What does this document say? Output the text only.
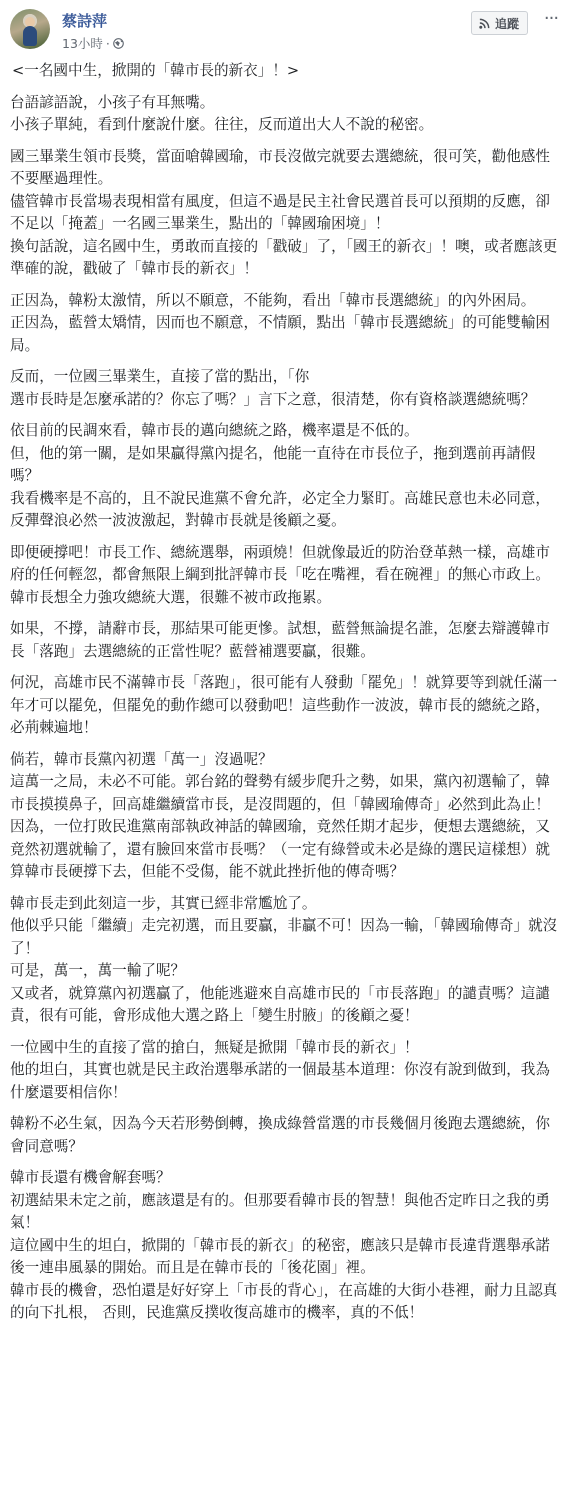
蔡詩萍
13小時 ·
追蹤 ···
<一名國中生，掀開的「韓市長的新衣」！>

台語諺語說，小孩子有耳無嘴。
小孩子單純，看到什麼說什麼。往往，反而道出大人不說的秘密。

國三畢業生領市長獎，當面嗆韓國瑜，市長沒做完就要去選總統，很可笑，勸他感性不要壓過理性。
儘管韓市長當場表現相當有風度，但這不過是民主社會民選首長可以預期的反應，卻不足以「掩蓋」一名國三畢業生，點出的「韓國瑜困境」！
換句話說，這名國中生，勇敢而直接的「戳破」了，「國王的新衣」！噢，或者應該更準確的說，戳破了「韓市長的新衣」！

正因為，韓粉太激情，所以不願意，不能夠，看出「韓市長選總統」的內外困局。
正因為，藍營太矯情，因而也不願意，不情願，點出「韓市長選總統」的可能雙輸困局。

反而，一位國三畢業生，直接了當的點出，「你
選市長時是怎麼承諾的？你忘了嗎？」言下之意，很清楚，你有資格談選總統嗎？

依目前的民調來看，韓市長的邁向總統之路，機率還是不低的。
但，他的第一關，是如果贏得黨內提名，他能一直待在市長位子，拖到選前再請假嗎？
我看機率是不高的，且不說民進黨不會允許，必定全力緊盯。高雄民意也未必同意，反彈聲浪必然一波波激起，對韓市長就是後顧之憂。

即便硬撐吧！市長工作、總統選舉，兩頭燒！但就像最近的防治登革熱一樣，高雄市府的任何輕忽，都會無限上綱到批評韓市長「吃在嘴裡，看在碗裡」的無心市政上。韓市長想全力強攻總統大選，很難不被市政拖累。

如果，不撐，請辭市長，那結果可能更慘。試想，藍營無論提名誰，怎麼去辯護韓市長「落跑」去選總統的正當性呢？藍營補選要贏，很難。

何況，高雄市民不滿韓市長「落跑」，很可能有人發動「罷免」！就算要等到就任滿一年才可以罷免，但罷免的動作總可以發動吧！這些動作一波波，韓市長的總統之路，必荊棘遍地！

倘若，韓市長黨內初選「萬一」沒過呢？
這萬一之局，未必不可能。郭台銘的聲勢有緩步爬升之勢，如果，黨內初選輸了，韓市長摸摸鼻子，回高雄繼續當市長，是沒問題的，但「韓國瑜傳奇」必然到此為止！因為，一位打敗民進黨南部執政神話的韓國瑜，竟然任期才起步，便想去選總統，又竟然初選就輸了，還有臉回來當市長嗎？（一定有綠營或未必是綠的選民這樣想）就算韓市長硬撐下去，但能不受傷，能不就此挫折他的傳奇嗎？

韓市長走到此刻這一步，其實已經非常尷尬了。
他似乎只能「繼續」走完初選，而且要贏，非贏不可！因為一輸，「韓國瑜傳奇」就沒了！
可是，萬一，萬一輸了呢？
又或者，就算黨內初選贏了，他能逃避來自高雄市民的「市長落跑」的譴責嗎？這譴責，很有可能，會形成他大選之路上「變生肘腋」的後顧之憂！

一位國中生的直接了當的搶白，無疑是掀開「韓市長的新衣」！
他的坦白，其實也就是民主政治選舉承諾的一個最基本道理：你沒有說到做到，我為什麼還要相信你！

韓粉不必生氣，因為今天若形勢倒轉，換成綠營當選的市長幾個月後跑去選總統，你會同意嗎？

韓市長還有機會解套嗎？
初選結果未定之前，應該還是有的。但那要看韓市長的智慧！與他否定昨日之我的勇氣！
這位國中生的坦白，掀開的「韓市長的新衣」的秘密，應該只是韓市長違背選舉承諾後一連串風暴的開始。而且是在韓市長的「後花園」裡。
韓市長的機會，恐怕還是好好穿上「市長的背心」，在高雄的大街小巷裡，耐力且認真的向下扎根， 否則，民進黨反撲收復高雄市的機率，真的不低！
